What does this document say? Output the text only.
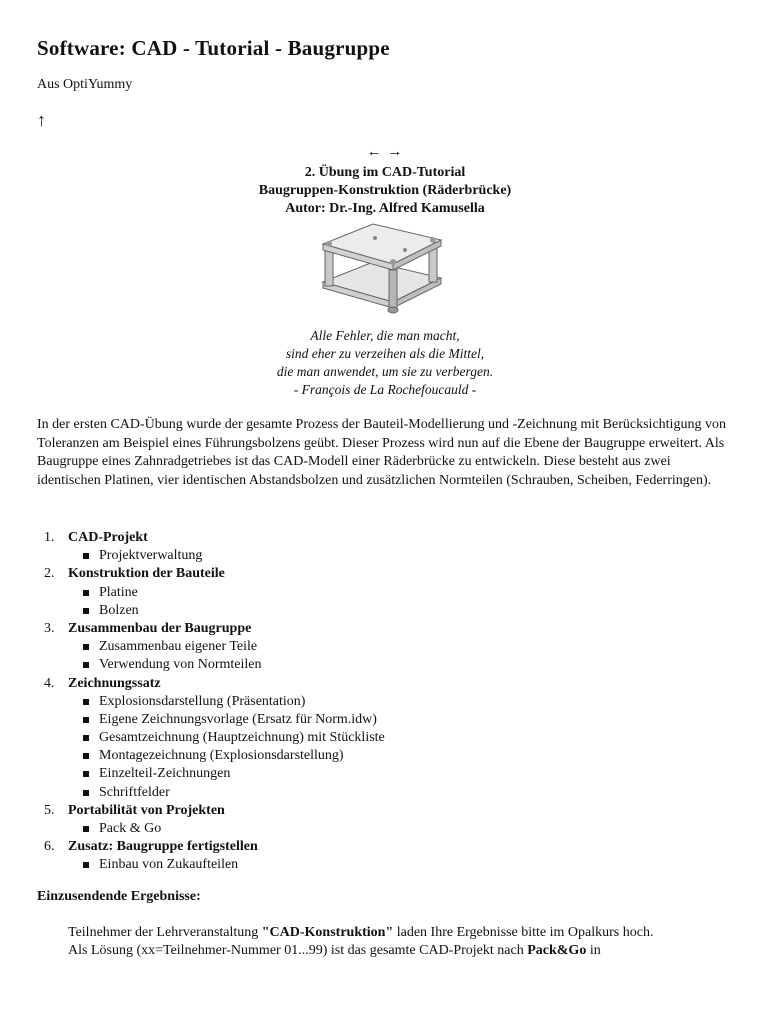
Software: CAD - Tutorial - Baugruppe
Aus OptiYummy
↑
← →
2. Übung im CAD-Tutorial
Baugruppen-Konstruktion (Räderbrücke)
Autor: Dr.-Ing. Alfred Kamusella
Alle Fehler, die man macht,
sind eher zu verzeihen als die Mittel,
die man anwendet, um sie zu verbergen.
- François de La Rochefoucauld -

In der ersten CAD-Übung wurde der gesamte Prozess der Bauteil-Modellierung und -Zeichnung mit Berücksichtigung von Toleranzen am Beispiel eines Führungsbolzens geübt. Dieser Prozess wird nun auf die Ebene der Baugruppe erweitert. Als Baugruppe eines Zahnradgetriebes ist das CAD-Modell einer Räderbrücke zu entwickeln. Diese besteht aus zwei identischen Platinen, vier identischen Abstandsbolzen und zusätzlichen Normteilen (Schrauben, Scheiben, Federringen).

1. CAD-Projekt
Projektverwaltung
2. Konstruktion der Bauteile
Platine
Bolzen
3. Zusammenbau der Baugruppe
Zusammenbau eigener Teile
Verwendung von Normteilen
4. Zeichnungssatz
Explosionsdarstellung (Präsentation)
Eigene Zeichnungsvorlage (Ersatz für Norm.idw)
Gesamtzeichnung (Hauptzeichnung) mit Stückliste
Montagezeichnung (Explosionsdarstellung)
Einzelteil-Zeichnungen
Schriftfelder
5. Portabilität von Projekten
Pack & Go
6. Zusatz: Baugruppe fertigstellen
Einbau von Zukaufteilen
Einzusendende Ergebnisse:
Teilnehmer der Lehrveranstaltung "CAD-Konstruktion" laden Ihre Ergebnisse bitte im Opalkurs hoch.
Als Lösung (xx=Teilnehmer-Nummer 01...99) ist das gesamte CAD-Projekt nach Pack&Go in
